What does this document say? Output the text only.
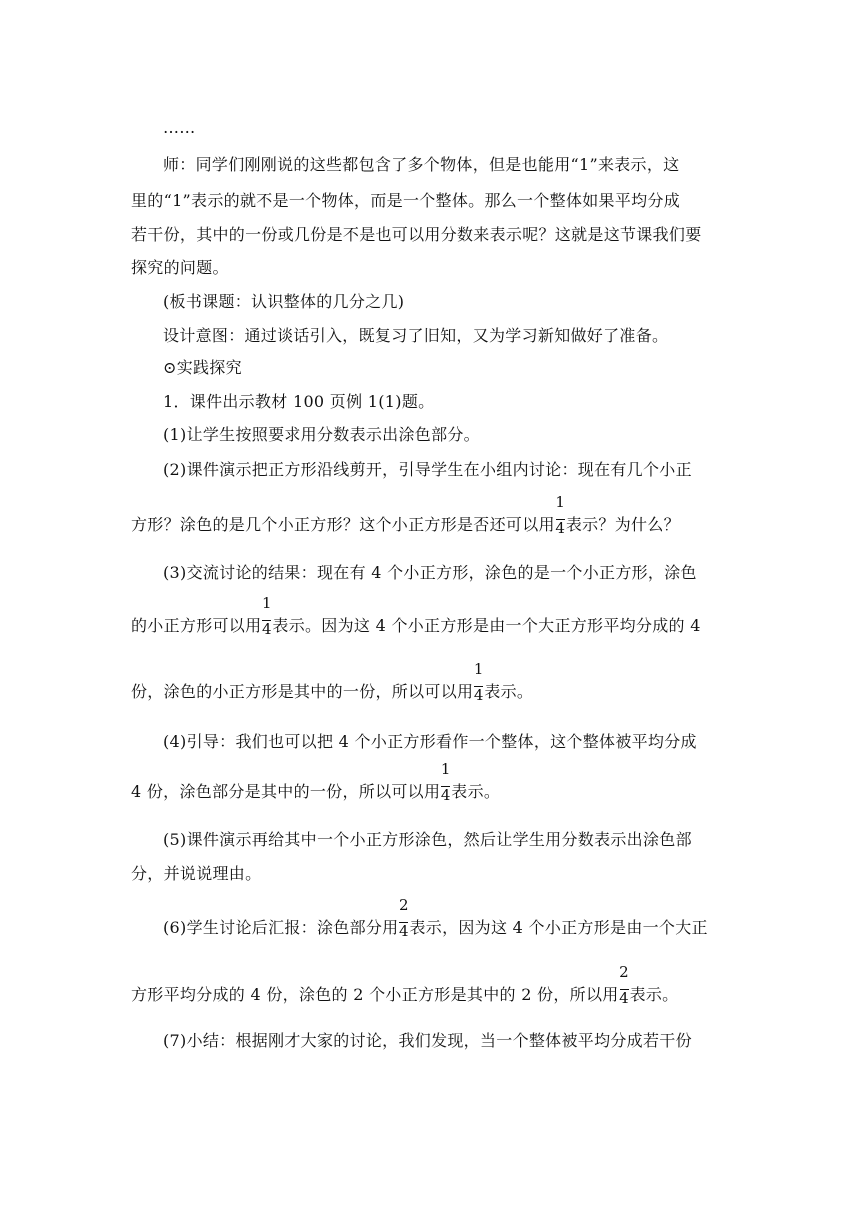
……
师：同学们刚刚说的这些都包含了多个物体，但是也能用“1”来表示，这
里的“1”表示的就不是一个物体，而是一个整体。那么一个整体如果平均分成
若干份，其中的一份或几份是不是也可以用分数来表示呢？这就是这节课我们要
探究的问题。
(板书课题：认识整体的几分之几)
设计意图：通过谈话引入，既复习了旧知，又为学习新知做好了准备。
⊙实践探究
1．课件出示教材 100 页例 1(1)题。
(1)让学生按照要求用分数表示出涂色部分。
(2)课件演示把正方形沿线剪开，引导学生在小组内讨论：现在有几个小正
方形？涂色的是几个小正方形？这个小正方形是否还可以用 $\frac{1}{4}$ 表示？为什么？
(3)交流讨论的结果：现在有 4 个小正方形，涂色的是一个小正方形，涂色
的小正方形可以用 $\frac{1}{4}$ 表示。因为这 4 个小正方形是由一个大正方形平均分成的 4
份，涂色的小正方形是其中的一份，所以可以用 $\frac{1}{4}$ 表示。
(4)引导：我们也可以把 4 个小正方形看作一个整体，这个整体被平均分成
4 份，涂色部分是其中的一份，所以可以用 $\frac{1}{4}$ 表示。
(5)课件演示再给其中一个小正方形涂色，然后让学生用分数表示出涂色部
分，并说说理由。
(6)学生讨论后汇报：涂色部分用 $\frac{2}{4}$ 表示，因为这 4 个小正方形是由一个大正
方形平均分成的 4 份，涂色的 2 个小正方形是其中的 2 份，所以用 $\frac{2}{4}$ 表示。
(7)小结：根据刚才大家的讨论，我们发现，当一个整体被平均分成若干份
